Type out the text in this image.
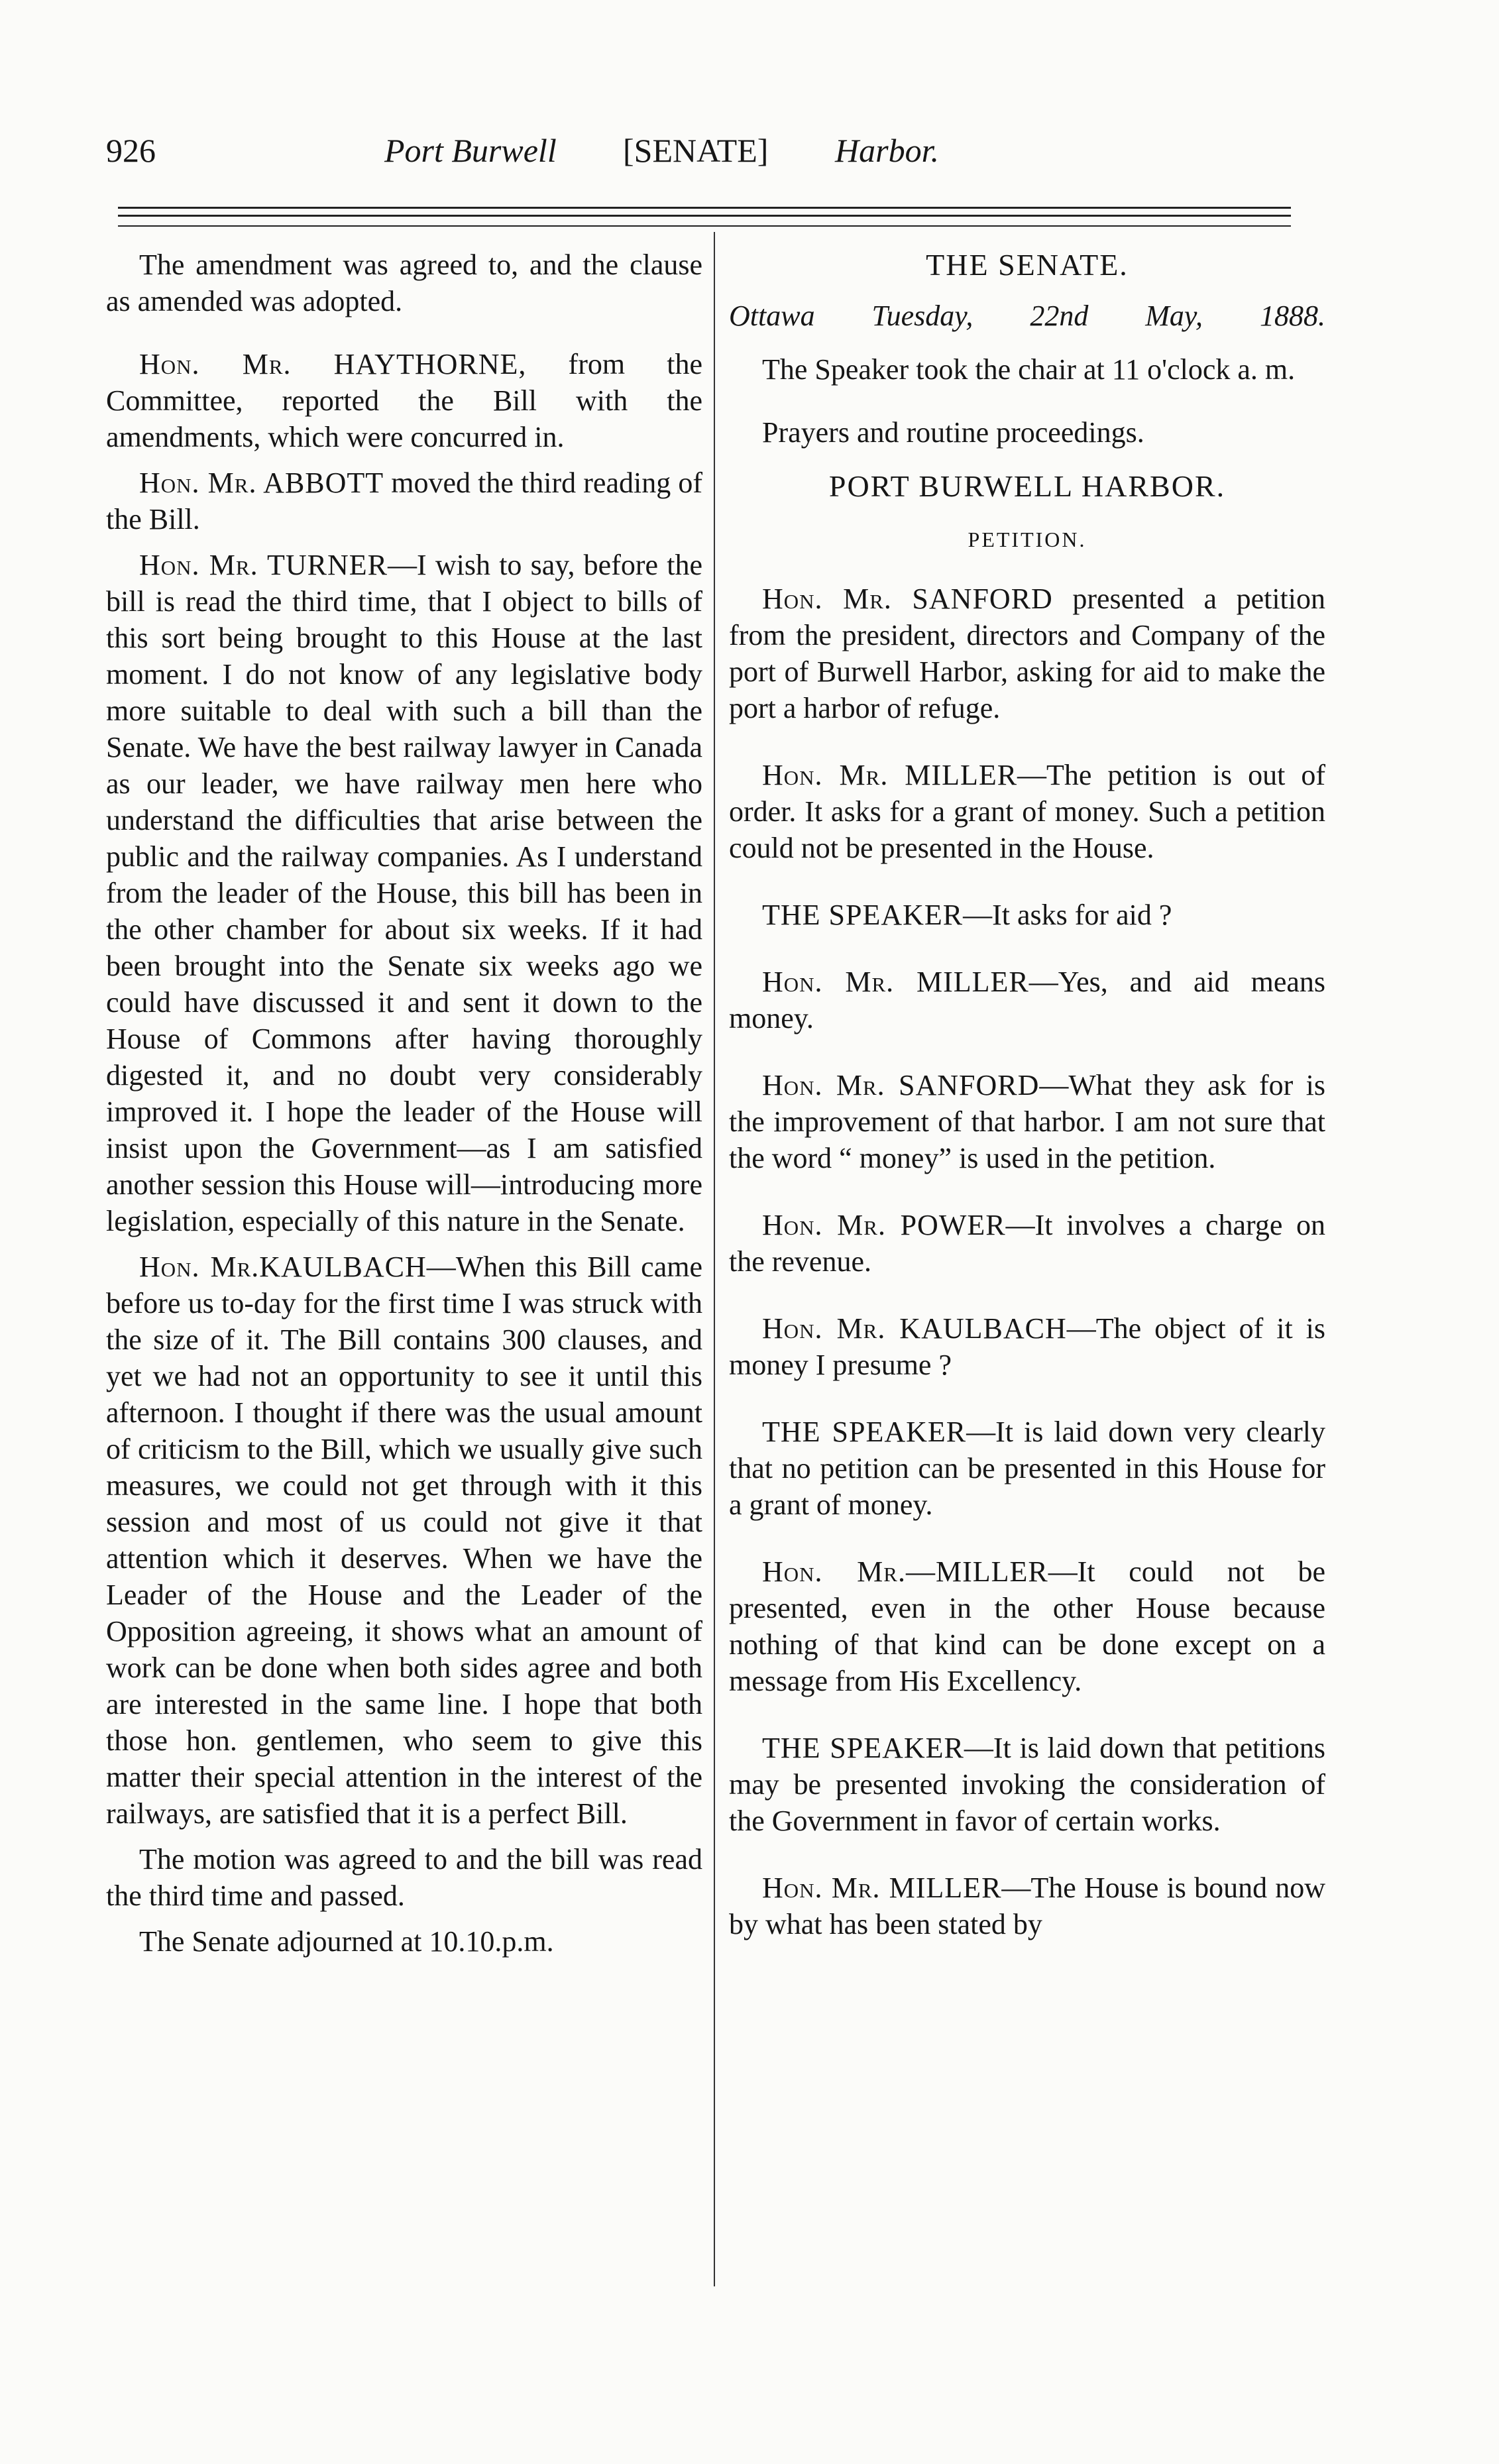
926	Port Burwell [SENATE] Harbor.

The amendment was agreed to, and the clause as amended was adopted.

Hon. Mr. HAYTHORNE, from the Committee, reported the Bill with the amendments, which were concurred in.

Hon. Mr. ABBOTT moved the third reading of the Bill.

Hon. Mr. TURNER—I wish to say, before the bill is read the third time, that I object to bills of this sort being brought to this House at the last moment. I do not know of any legislative body more suitable to deal with such a bill than the Senate. We have the best railway lawyer in Canada as our leader, we have railway men here who understand the difficulties that arise between the public and the railway companies. As I understand from the leader of the House, this bill has been in the other chamber for about six weeks. If it had been brought into the Senate six weeks ago we could have discussed it and sent it down to the House of Commons after having thoroughly digested it, and no doubt very considerably improved it. I hope the leader of the House will insist upon the Government—as I am satisfied another session this House will—introducing more legislation, especially of this nature in the Senate.

Hon. Mr.KAULBACH—When this Bill came before us to-day for the first time I was struck with the size of it. The Bill contains 300 clauses, and yet we had not an opportunity to see it until this afternoon. I thought if there was the usual amount of criticism to the Bill, which we usually give such measures, we could not get through with it this session and most of us could not give it that attention which it deserves. When we have the Leader of the House and the Leader of the Opposition agreeing, it shows what an amount of work can be done when both sides agree and both are interested in the same line. I hope that both those hon. gentlemen, who seem to give this matter their special attention in the interest of the railways, are satisfied that it is a perfect Bill.

The motion was agreed to and the bill was read the third time and passed.

The Senate adjourned at 10.10.p.m.

THE SENATE.

Ottawa Tuesday, 22nd May, 1888.

The Speaker took the chair at 11 o'clock a. m.

Prayers and routine proceedings.

PORT BURWELL HARBOR.

PETITION.

Hon. Mr. SANFORD presented a petition from the president, directors and Company of the port of Burwell Harbor, asking for aid to make the port a harbor of refuge.

Hon. Mr. MILLER—The petition is out of order. It asks for a grant of money. Such a petition could not be presented in the House.

THE SPEAKER—It asks for aid ?

Hon. Mr. MILLER—Yes, and aid means money.

Hon. Mr. SANFORD—What they ask for is the improvement of that harbor. I am not sure that the word “ money” is used in the petition.

Hon. Mr. POWER—It involves a charge on the revenue.

Hon. Mr. KAULBACH—The object of it is money I presume ?

THE SPEAKER—It is laid down very clearly that no petition can be presented in this House for a grant of money.

Hon. Mr.—MILLER—It could not be presented, even in the other House because nothing of that kind can be done except on a message from His Excellency.

THE SPEAKER—It is laid down that petitions may be presented invoking the consideration of the Government in favor of certain works.

Hon. Mr. MILLER—The House is bound now by what has been stated by
